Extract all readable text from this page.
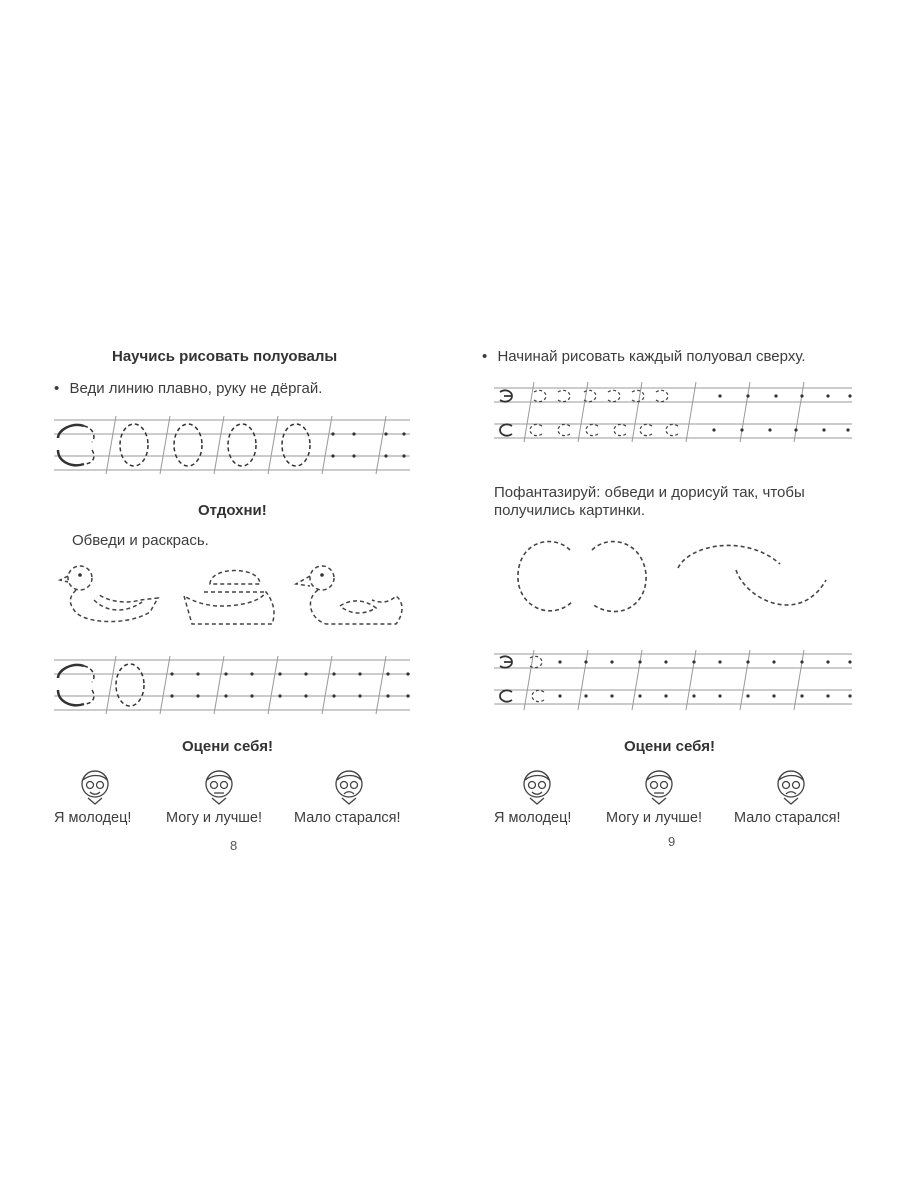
Научись рисовать полуовалы
• Веди линию плавно, руку не дёргай.
Отдохни!
Обведи и раскрась.
Оцени себя!
Я молодец! Могу и лучше! Мало старался!
8
• Начинай рисовать каждый полуовал сверху.
Пофантазируй: обведи и дорисуй так, чтобы
получились картинки.
Оцени себя!
Я молодец! Могу и лучше! Мало старался!
9
